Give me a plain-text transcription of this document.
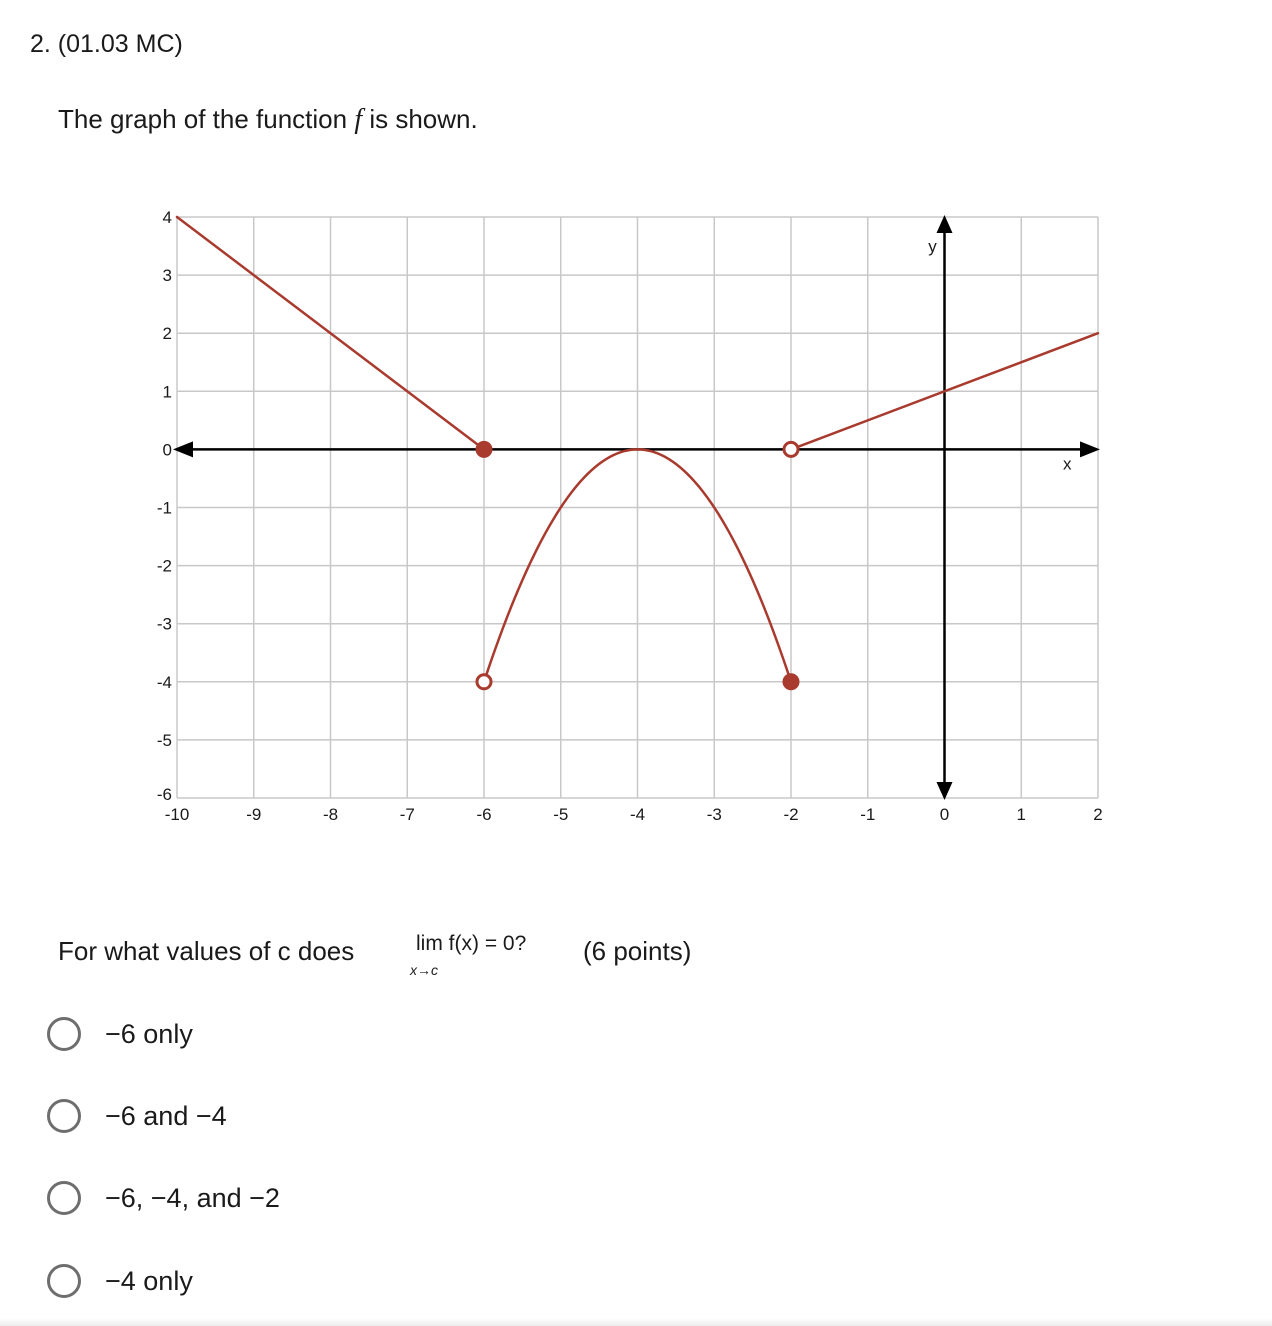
2. (01.03 MC)
The graph of the function f is shown.
x
y
-10	-9	-8	-7	-6	-5	-4	-3	-2	-1	0	1	2
4
3
2
1
0
-1
-2
-3
-4
-5
-6
For what values of c does	lim f(x) = 0?
x→c
(6 points)
−6 only
−6 and −4
−6, −4, and −2
−4 only
